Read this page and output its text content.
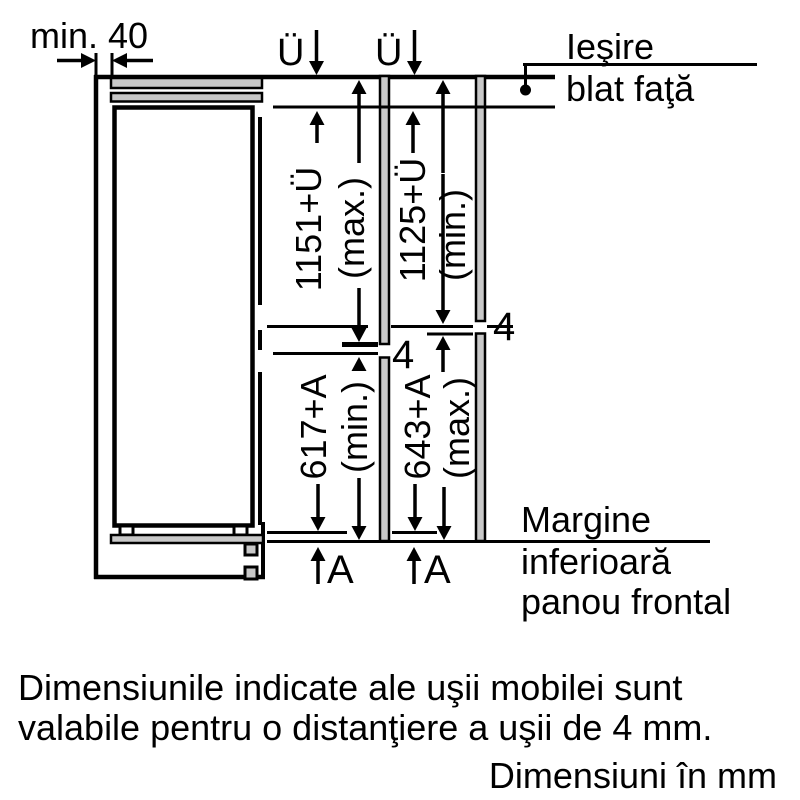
min. 40	Ü Ü	Ieşire
blat faţă
1151+Ü (max.) 1125+Ü (min.)
617+A (min.) 643+A
(max.)
4
4
A A
Margine
inferioară
panou frontal
Dimensiunile indicate ale uşii mobilei sunt
valabile pentru o distanţiere a uşii de 4 mm.
Dimensiuni în mm
